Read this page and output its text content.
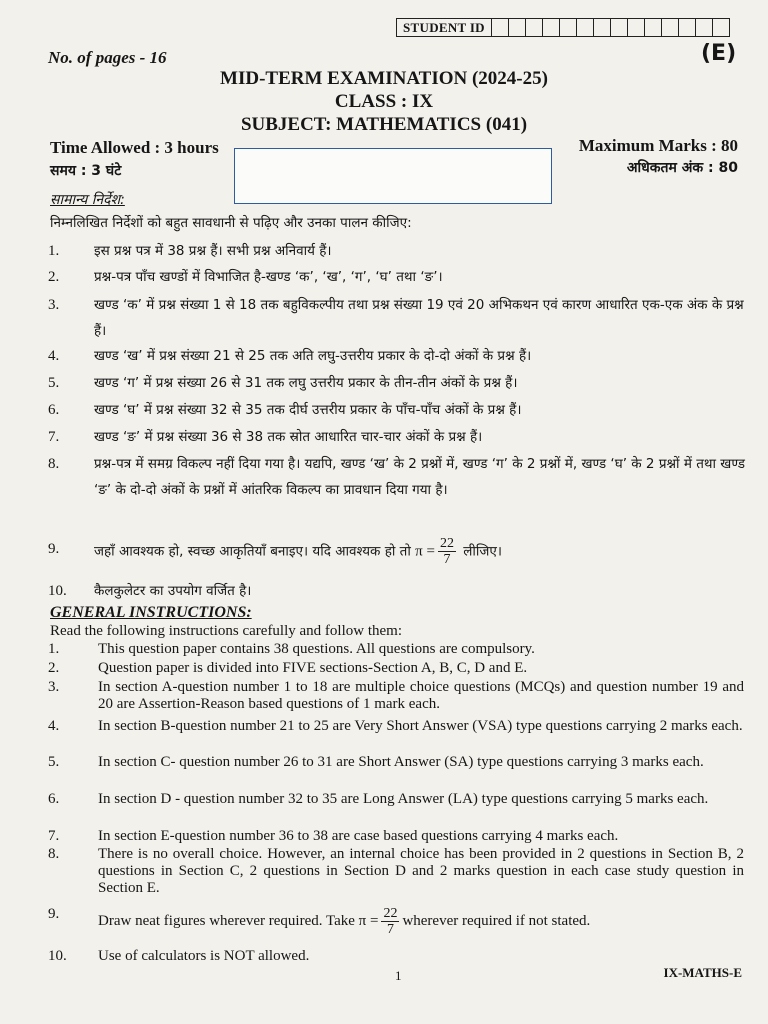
STUDENT ID
No. of pages - 16	(E)
MID-TERM EXAMINATION (2024-25)
CLASS : IX
SUBJECT: MATHEMATICS (041)
Time Allowed : 3 hours
समय : 3 घंटे
Maximum Marks : 80
अधिकतम अंक : 80
सामान्य निर्देश:
निम्नलिखित निर्देशों को बहुत सावधानी से पढ़िए और उनका पालन कीजिए:
1.	इस प्रश्न पत्र में 38 प्रश्न हैं। सभी प्रश्न अनिवार्य हैं।
2.	प्रश्न-पत्र पाँच खण्डों में विभाजित है-खण्ड ‘क’, ‘ख’, ‘ग’, ‘घ’ तथा ‘ङ’।
3.	खण्ड ‘क’ में प्रश्न संख्या 1 से 18 तक बहुविकल्पीय तथा प्रश्न संख्या 19 एवं 20 अभिकथन एवं कारण आधारित एक-एक अंक के प्रश्न हैं।
4.	खण्ड ‘ख’ में प्रश्न संख्या 21 से 25 तक अति लघु-उत्तरीय प्रकार के दो-दो अंकों के प्रश्न हैं।
5.	खण्ड ‘ग’ में प्रश्न संख्या 26 से 31 तक लघु उत्तरीय प्रकार के तीन-तीन अंकों के प्रश्न हैं।
6.	खण्ड ‘घ’ में प्रश्न संख्या 32 से 35 तक दीर्घ उत्तरीय प्रकार के पाँच-पाँच अंकों के प्रश्न हैं।
7.	खण्ड ‘ङ’ में प्रश्न संख्या 36 से 38 तक स्रोत आधारित चार-चार अंकों के प्रश्न हैं।
8.	प्रश्न-पत्र में समग्र विकल्प नहीं दिया गया है। यद्यपि, खण्ड ‘ख’ के 2 प्रश्नों में, खण्ड ‘ग’ के 2 प्रश्नों में, खण्ड ‘घ’ के 2 प्रश्नों में तथा खण्ड ‘ङ’ के दो-दो अंकों के प्रश्नों में आंतरिक विकल्प का प्रावधान दिया गया है।
9.	जहाँ आवश्यक हो, स्वच्छ आकृतियाँ बनाइए। यदि आवश्यक हो तो $\pi = \frac{22}{7}$ लीजिए।
10. कैलकुलेटर का उपयोग वर्जित है।
GENERAL INSTRUCTIONS:
Read the following instructions carefully and follow them:
1.	This question paper contains 38 questions. All questions are compulsory.
2.	Question paper is divided into FIVE sections-Section A, B, C, D and E.
3.	In section A-question number 1 to 18 are multiple choice questions (MCQs) and question number 19 and 20 are Assertion-Reason based questions of 1 mark each.
4.	In section B-question number 21 to 25 are Very Short Answer (VSA) type questions carrying 2 marks each.
5.	In section C- question number 26 to 31 are Short Answer (SA) type questions carrying 3 marks each.
6.	In section D - question number 32 to 35 are Long Answer (LA) type questions carrying 5 marks each.
7.	In section E-question number 36 to 38 are case based questions carrying 4 marks each.
8.	There is no overall choice. However, an internal choice has been provided in 2 questions in Section B, 2 questions in Section C, 2 questions in Section D and 2 marks question in each case study question in Section E.
9.	Draw neat figures wherever required. Take $\pi = \frac{22}{7}$ wherever required if not stated.
10. Use of calculators is NOT allowed.
1	IX-MATHS-E
